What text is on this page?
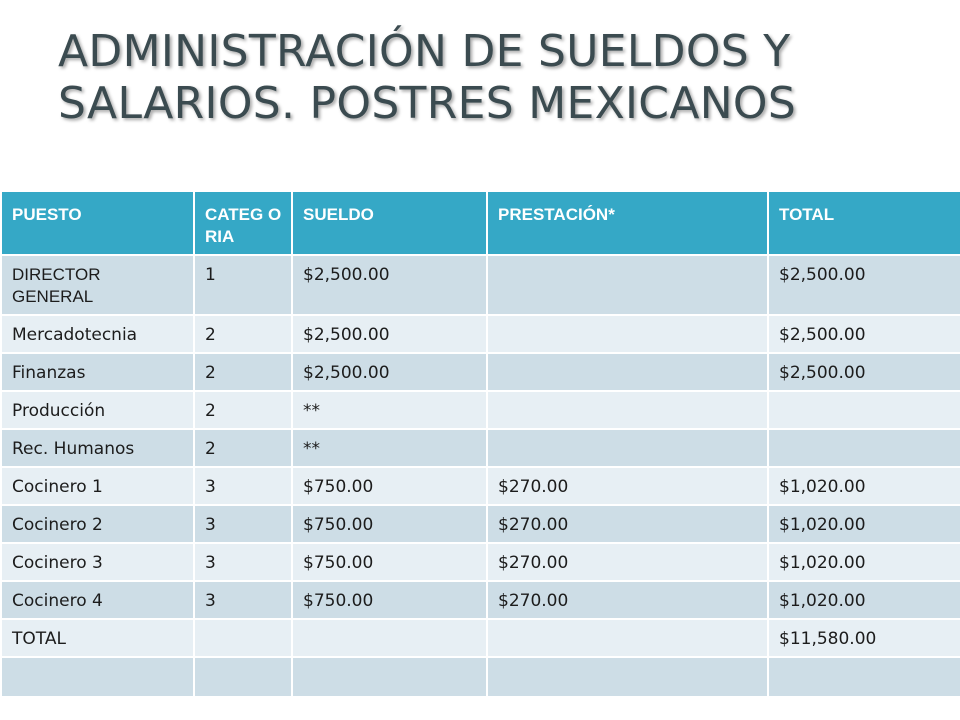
ADMINISTRACIÓN DE SUELDOS Y
SALARIOS. POSTRES MEXICANOS
PUESTO	CATEG ORIA	SUELDO	PRESTACIÓN*	TOTAL
DIRECTOR GENERAL	1	$2,500.00		$2,500.00
Mercadotecnia	2	$2,500.00		$2,500.00
Finanzas	2	$2,500.00		$2,500.00
Producción	2	**		
Rec. Humanos	2	**		
Cocinero 1	3	$750.00	$270.00	$1,020.00
Cocinero 2	3	$750.00	$270.00	$1,020.00
Cocinero 3	3	$750.00	$270.00	$1,020.00
Cocinero 4	3	$750.00	$270.00	$1,020.00
TOTAL				$11,580.00
